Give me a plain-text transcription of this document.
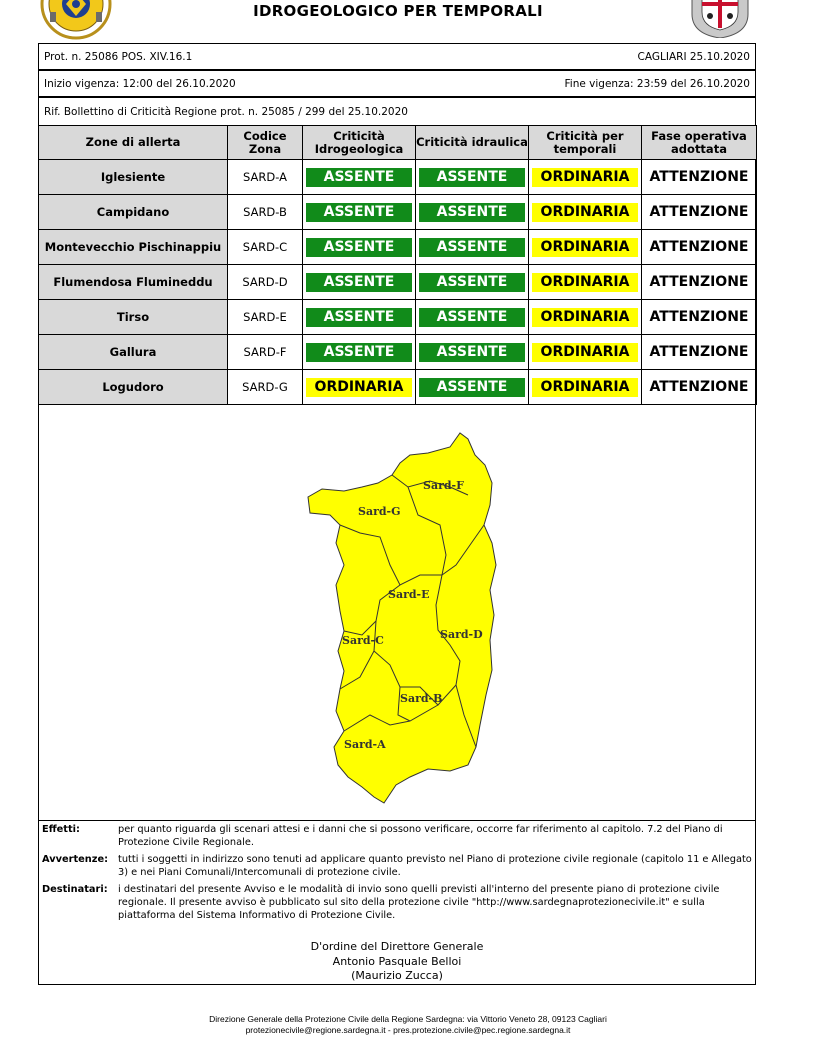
IDROGEOLOGICO PER TEMPORALI
Prot. n. 25086 POS. XIV.16.1	CAGLIARI 25.10.2020
Inizio vigenza: 12:00 del 26.10.2020	Fine vigenza: 23:59 del 26.10.2020
Rif. Bollettino di Criticità Regione prot. n. 25085 / 299 del 25.10.2020
Zone di allerta	Codice Zona	Criticità Idrogeologica	Criticità idraulica	Criticità per temporali	Fase operativa adottata
Iglesiente	SARD-A	ASSENTE	ASSENTE	ORDINARIA	ATTENZIONE
Campidano	SARD-B	ASSENTE	ASSENTE	ORDINARIA	ATTENZIONE
Montevecchio Pischinappiu	SARD-C	ASSENTE	ASSENTE	ORDINARIA	ATTENZIONE
Flumendosa Flumineddu	SARD-D	ASSENTE	ASSENTE	ORDINARIA	ATTENZIONE
Tirso	SARD-E	ASSENTE	ASSENTE	ORDINARIA	ATTENZIONE
Gallura	SARD-F	ASSENTE	ASSENTE	ORDINARIA	ATTENZIONE
Logudoro	SARD-G	ORDINARIA	ASSENTE	ORDINARIA	ATTENZIONE
Sard-F
Sard-G
Sard-E
Sard-C	Sard-D
Sard-B
Sard-A
Effetti:	per quanto riguarda gli scenari attesi e i danni che si possono verificare, occorre far riferimento al capitolo. 7.2 del Piano di Protezione Civile Regionale.
Avvertenze:	tutti i soggetti in indirizzo sono tenuti ad applicare quanto previsto nel Piano di protezione civile regionale (capitolo 11 e Allegato 3) e nei Piani Comunali/Intercomunali di protezione civile.
Destinatari:	i destinatari del presente Avviso e le modalità di invio sono quelli previsti all'interno del presente piano di protezione civile regionale. Il presente avviso è pubblicato sul sito della protezione civile "http://www.sardegnaprotezionecivile.it" e sulla piattaforma del Sistema Informativo di Protezione Civile.
D'ordine del Direttore Generale
Antonio Pasquale Belloi
(Maurizio Zucca)
Direzione Generale della Protezione Civile della Regione Sardegna: via Vittorio Veneto 28, 09123 Cagliari
protezionecivile@regione.sardegna.it - pres.protezione.civile@pec.regione.sardegna.it
